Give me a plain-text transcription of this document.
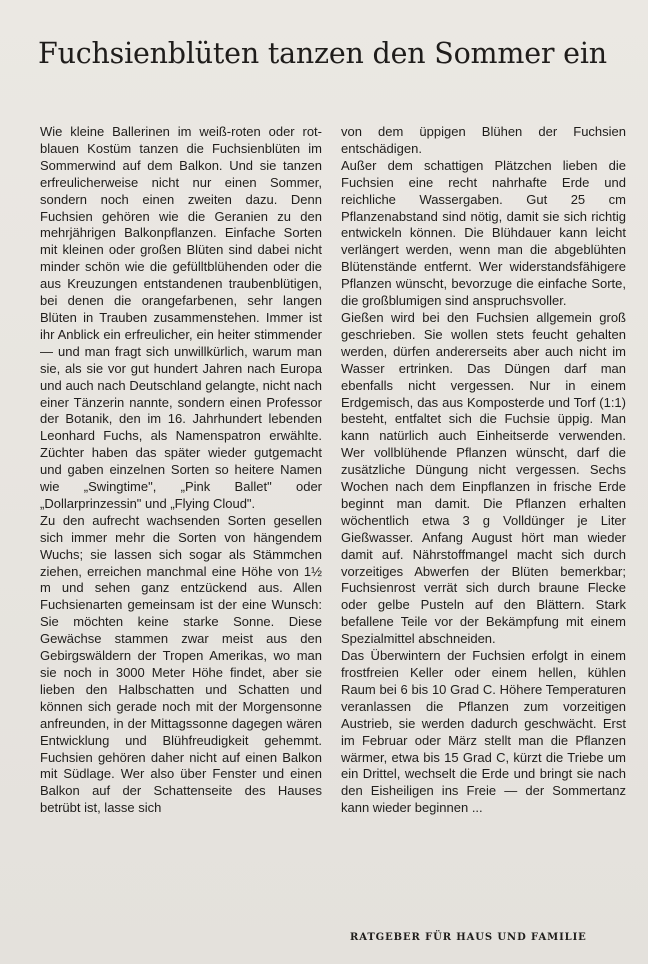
Fuchsienblüten tanzen den Sommer ein

Wie kleine Ballerinen im weiß-roten oder rot-blauen Kostüm tanzen die Fuchsienblüten im Sommerwind auf dem Balkon. Und sie tanzen erfreulicherweise nicht nur einen Sommer, sondern noch einen zweiten dazu. Denn Fuchsien gehören wie die Geranien zu den mehrjährigen Balkonpflanzen. Einfache Sorten mit kleinen oder großen Blüten sind dabei nicht minder schön wie die gefülltblühenden oder die aus Kreuzungen entstandenen traubenblütigen, bei denen die orangefarbenen, sehr langen Blüten in Trauben zusammenstehen. Immer ist ihr Anblick ein erfreulicher, ein heiter stimmender — und man fragt sich unwillkürlich, warum man sie, als sie vor gut hundert Jahren nach Europa und auch nach Deutschland gelangte, nicht nach einer Tänzerin nannte, sondern einen Professor der Botanik, den im 16. Jahrhundert lebenden Leonhard Fuchs, als Namenspatron erwählte. Züchter haben das später wieder gutgemacht und gaben einzelnen Sorten so heitere Namen wie „Swingtime", „Pink Ballet" oder „Dollarprinzessin" und „Flying Cloud".

Zu den aufrecht wachsenden Sorten gesellen sich immer mehr die Sorten von hängendem Wuchs; sie lassen sich sogar als Stämmchen ziehen, erreichen manchmal eine Höhe von 1½ m und sehen ganz entzückend aus. Allen Fuchsienarten gemeinsam ist der eine Wunsch: Sie möchten keine starke Sonne. Diese Gewächse stammen zwar meist aus den Gebirgswäldern der Tropen Amerikas, wo man sie noch in 3000 Meter Höhe findet, aber sie lieben den Halbschatten und Schatten und können sich gerade noch mit der Morgensonne anfreunden, in der Mittagssonne dagegen wären Entwicklung und Blühfreudigkeit gehemmt. Fuchsien gehören daher nicht auf einen Balkon mit Südlage. Wer also über Fenster und einen Balkon auf der Schattenseite des Hauses betrübt ist, lasse sich

von dem üppigen Blühen der Fuchsien entschädigen.

Außer dem schattigen Plätzchen lieben die Fuchsien eine recht nahrhafte Erde und reichliche Wassergaben. Gut 25 cm Pflanzenabstand sind nötig, damit sie sich richtig entwickeln können. Die Blühdauer kann leicht verlängert werden, wenn man die abgeblühten Blütenstände entfernt. Wer widerstandsfähigere Pflanzen wünscht, bevorzuge die einfache Sorte, die großblumigen sind anspruchsvoller.

Gießen wird bei den Fuchsien allgemein groß geschrieben. Sie wollen stets feucht gehalten werden, dürfen andererseits aber auch nicht im Wasser ertrinken. Das Düngen darf man ebenfalls nicht vergessen. Nur in einem Erdgemisch, das aus Komposterde und Torf (1:1) besteht, entfaltet sich die Fuchsie üppig. Man kann natürlich auch Einheitserde verwenden. Wer vollblühende Pflanzen wünscht, darf die zusätzliche Düngung nicht vergessen. Sechs Wochen nach dem Einpflanzen in frische Erde beginnt man damit. Die Pflanzen erhalten wöchentlich etwa 3 g Volldünger je Liter Gießwasser. Anfang August hört man wieder damit auf. Nährstoffmangel macht sich durch vorzeitiges Abwerfen der Blüten bemerkbar; Fuchsienrost verrät sich durch braune Flecke oder gelbe Pusteln auf den Blättern. Stark befallene Teile vor der Bekämpfung mit einem Spezialmittel abschneiden.

Das Überwintern der Fuchsien erfolgt in einem frostfreien Keller oder einem hellen, kühlen Raum bei 6 bis 10 Grad C. Höhere Temperaturen veranlassen die Pflanzen zum vorzeitigen Austrieb, sie werden dadurch geschwächt. Erst im Februar oder März stellt man die Pflanzen wärmer, etwa bis 15 Grad C, kürzt die Triebe um ein Drittel, wechselt die Erde und bringt sie nach den Eisheiligen ins Freie — der Sommertanz kann wieder beginnen ...

RATGEBER FÜR HAUS UND FAMILIE
